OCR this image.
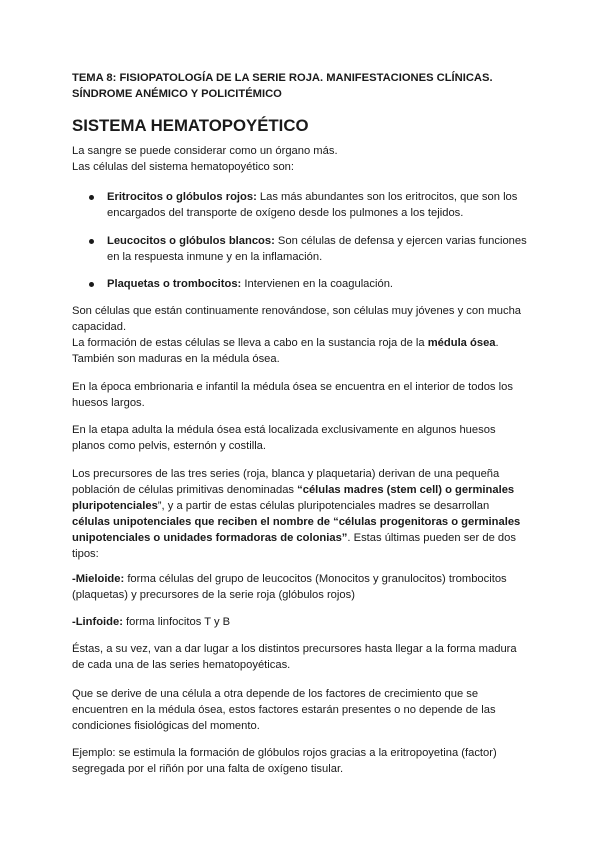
TEMA 8: FISIOPATOLOGÍA DE LA SERIE ROJA. MANIFESTACIONES CLÍNICAS. SÍNDROME ANÉMICO Y POLICITÉMICO
SISTEMA HEMATOPOYÉTICO

La sangre se puede considerar como un órgano más.
Las células del sistema hematopoyético son:

Eritrocitos o glóbulos rojos: Las más abundantes son los eritrocitos, que son los encargados del transporte de oxígeno desde los pulmones a los tejidos.
Leucocitos o glóbulos blancos: Son células de defensa y ejercen varias funciones en la respuesta inmune y en la inflamación.
Plaquetas o trombocitos: Intervienen en la coagulación.

Son células que están continuamente renovándose, son células muy jóvenes y con mucha capacidad.
La formación de estas células se lleva a cabo en la sustancia roja de la médula ósea. También son maduras en la médula ósea.

En la época embrionaria e infantil la médula ósea se encuentra en el interior de todos los huesos largos.

En la etapa adulta la médula ósea está localizada exclusivamente en algunos huesos planos como pelvis, esternón y costilla.

Los precursores de las tres series (roja, blanca y plaquetaria) derivan de una pequeña población de células primitivas denominadas “células madres (stem cell) o germinales pluripotenciales”, y a partir de estas células pluripotenciales madres se desarrollan células unipotenciales que reciben el nombre de “células progenitoras o germinales unipotenciales o unidades formadoras de colonias”. Estas últimas pueden ser de dos tipos:

-Mieloide: forma células del grupo de leucocitos (Monocitos y granulocitos) trombocitos (plaquetas) y precursores de la serie roja (glóbulos rojos)

-Linfoide: forma linfocitos T y B

Éstas, a su vez, van a dar lugar a los distintos precursores hasta llegar a la forma madura de cada una de las series hematopoyéticas.

Que se derive de una célula a otra depende de los factores de crecimiento que se encuentren en la médula ósea, estos factores estarán presentes o no depende de las condiciones fisiológicas del momento.

Ejemplo: se estimula la formación de glóbulos rojos gracias a la eritropoyetina (factor) segregada por el riñón por una falta de oxígeno tisular.
